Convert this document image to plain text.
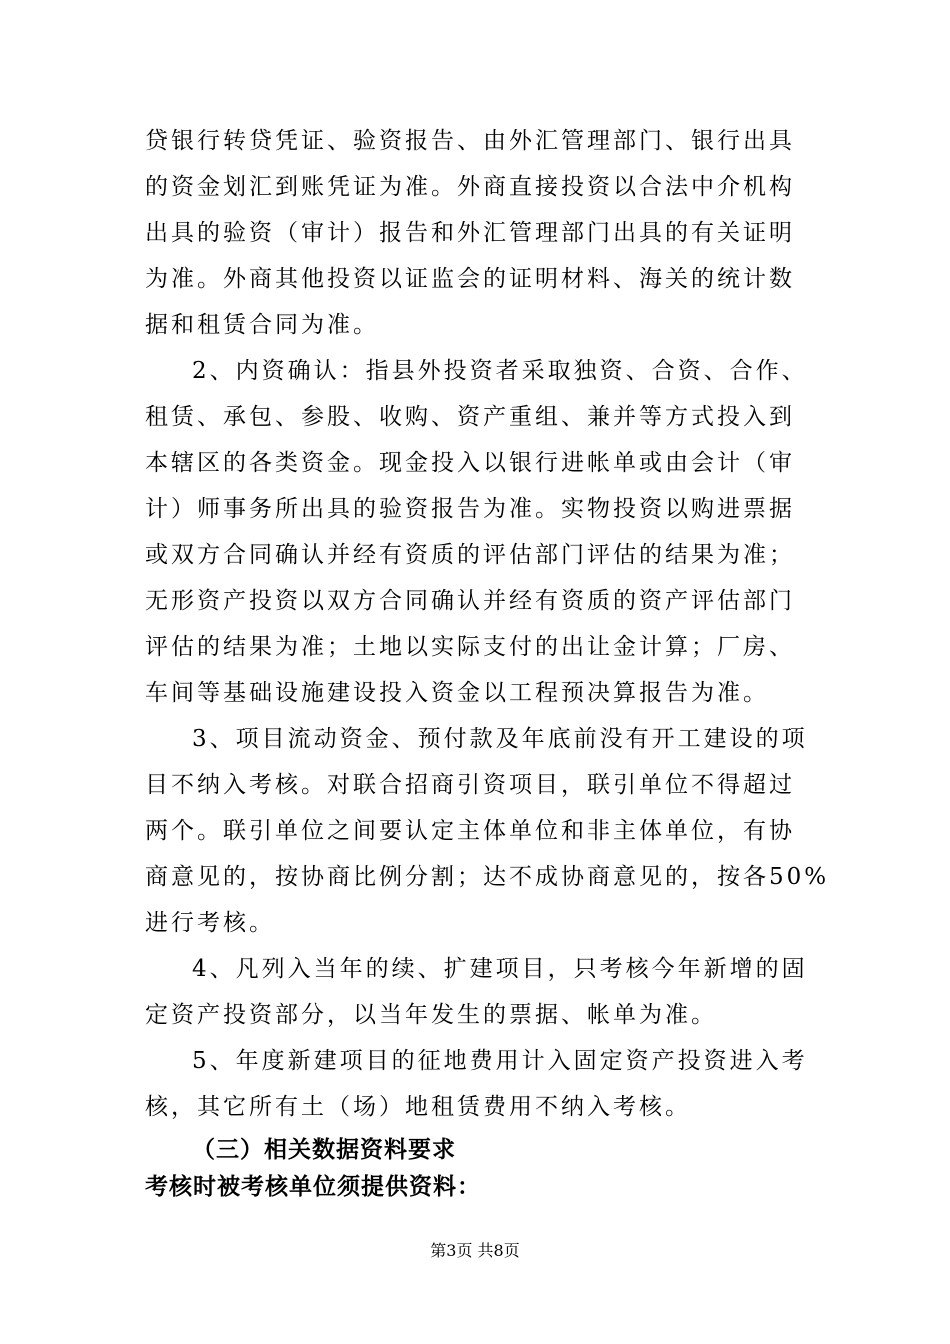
贷银行转贷凭证、验资报告、由外汇管理部门、银行出具
的资金划汇到账凭证为准。外商直接投资以合法中介机构
出具的验资（审计）报告和外汇管理部门出具的有关证明
为准。外商其他投资以证监会的证明材料、海关的统计数
据和租赁合同为准。
2、内资确认：指县外投资者采取独资、合资、合作、
租赁、承包、参股、收购、资产重组、兼并等方式投入到
本辖区的各类资金。现金投入以银行进帐单或由会计（审
计）师事务所出具的验资报告为准。实物投资以购进票据
或双方合同确认并经有资质的评估部门评估的结果为准；
无形资产投资以双方合同确认并经有资质的资产评估部门
评估的结果为准；土地以实际支付的出让金计算；厂房、
车间等基础设施建设投入资金以工程预决算报告为准。
3、项目流动资金、预付款及年底前没有开工建设的项
目不纳入考核。对联合招商引资项目，联引单位不得超过
两个。联引单位之间要认定主体单位和非主体单位，有协
商意见的，按协商比例分割；达不成协商意见的，按各50%
进行考核。
4、凡列入当年的续、扩建项目，只考核今年新增的固
定资产投资部分，以当年发生的票据、帐单为准。
5、年度新建项目的征地费用计入固定资产投资进入考
核，其它所有土（场）地租赁费用不纳入考核。
（三）相关数据资料要求
考核时被考核单位须提供资料：
第3页 共8页
